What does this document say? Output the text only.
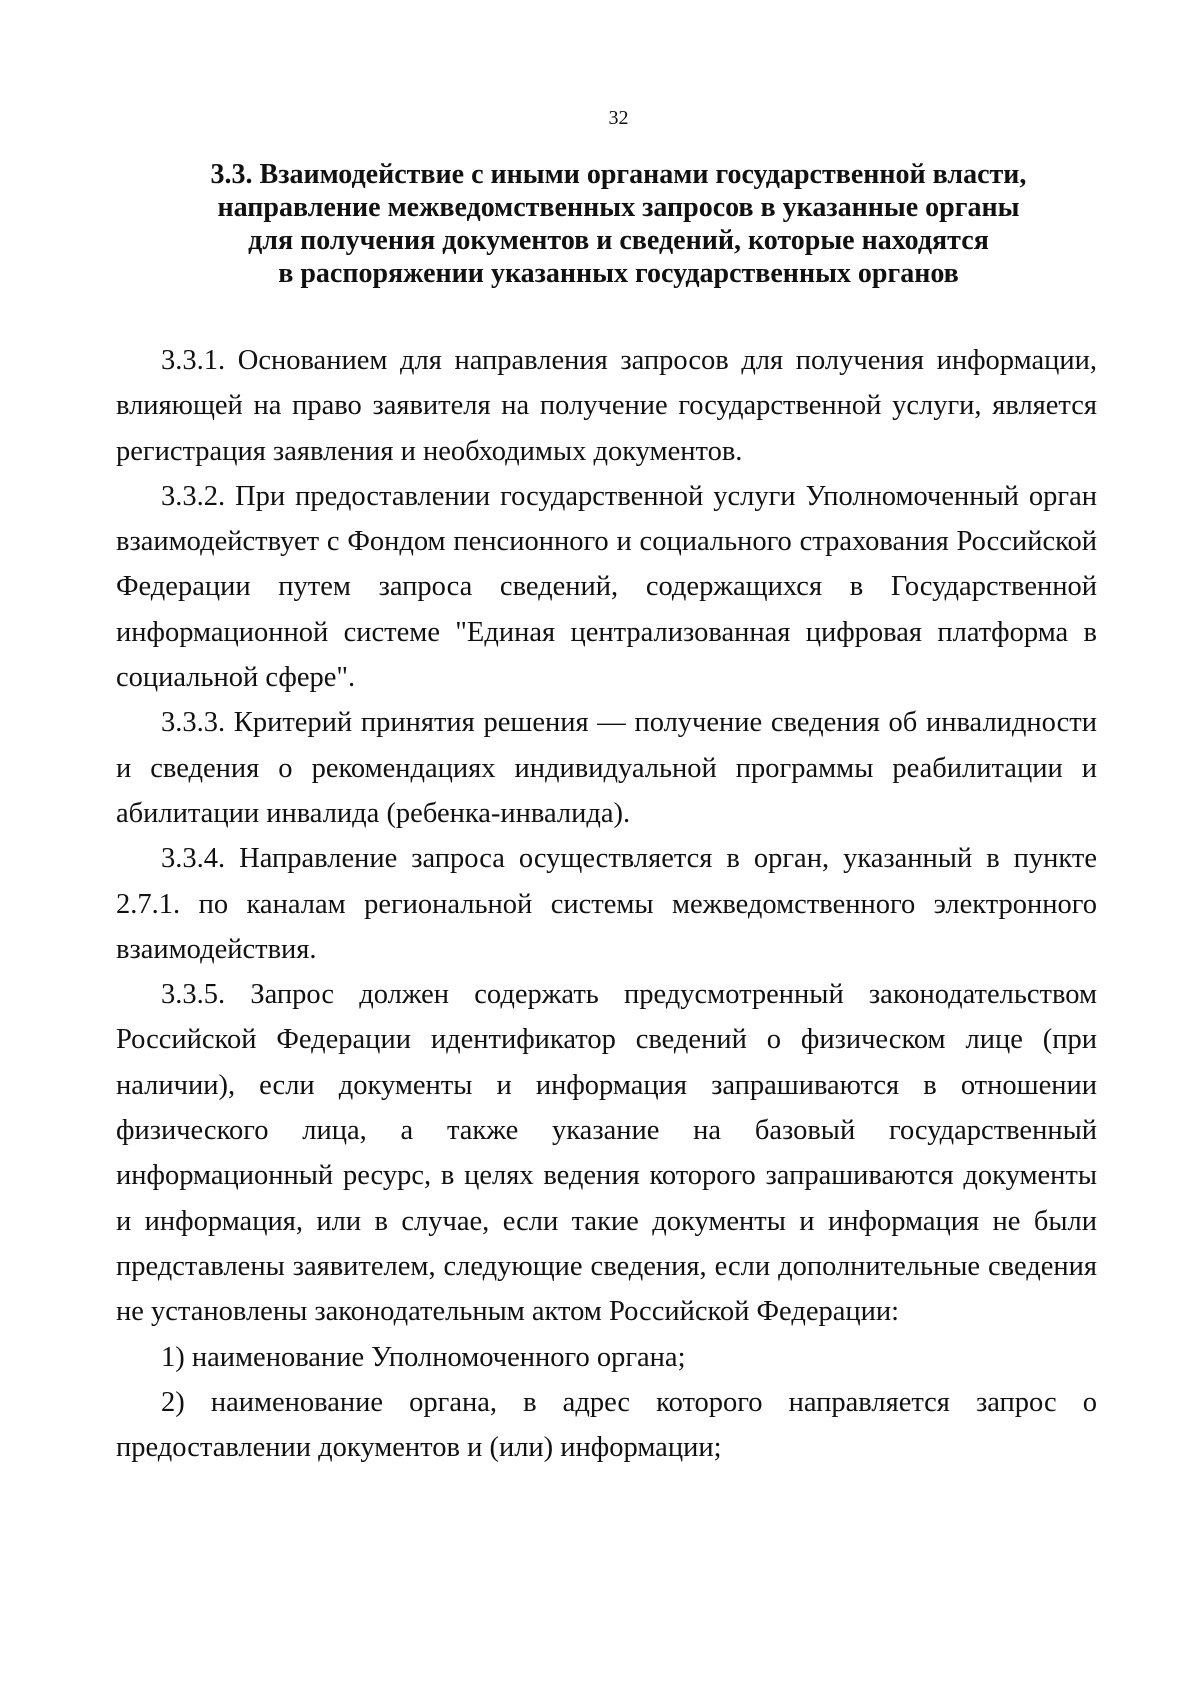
32
3.3. Взаимодействие с иными органами государственной власти,
направление межведомственных запросов в указанные органы
для получения документов и сведений, которые находятся
в распоряжении указанных государственных органов

3.3.1. Основанием для направления запросов для получения информации, влияющей на право заявителя на получение государственной услуги, является регистрация заявления и необходимых документов.

3.3.2. При предоставлении государственной услуги Уполномоченный орган взаимодействует с Фондом пенсионного и социального страхования Российской Федерации путем запроса сведений, содержащихся в Государственной информационной системе "Единая централизованная цифровая платформа в социальной сфере".

3.3.3. Критерий принятия решения — получение сведения об инвалидности и сведения о рекомендациях индивидуальной программы реабилитации и абилитации инвалида (ребенка-инвалида).

3.3.4. Направление запроса осуществляется в орган, указанный в пункте 2.7.1. по каналам региональной системы межведомственного электронного взаимодействия.

3.3.5. Запрос должен содержать предусмотренный законодательством Российской Федерации идентификатор сведений о физическом лице (при наличии), если документы и информация запрашиваются в отношении физического лица, а также указание на базовый государственный информационный ресурс, в целях ведения которого запрашиваются документы и информация, или в случае, если такие документы и информация не были представлены заявителем, следующие сведения, если дополнительные сведения не установлены законодательным актом Российской Федерации:

1) наименование Уполномоченного органа;

2) наименование органа, в адрес которого направляется запрос о предоставлении документов и (или) информации;
